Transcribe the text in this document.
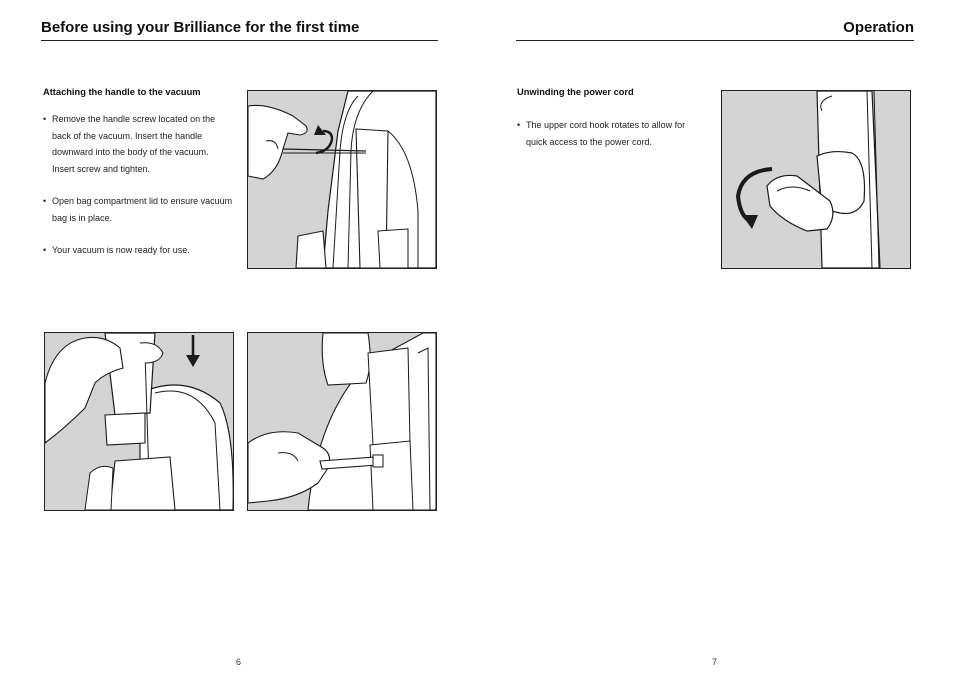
Before using your Brilliance for the first time
Attaching the handle to the vacuum

• Remove the handle screw located on the back of the vacuum. Insert the handle downward into the body of the vacuum. Insert screw and tighten.

• Open bag compartment lid to ensure vacuum bag is in place.

• Your vacuum is now ready for use.

6
Operation
Unwinding the power cord

• The upper cord hook rotates to allow for quick access to the power cord.

7
